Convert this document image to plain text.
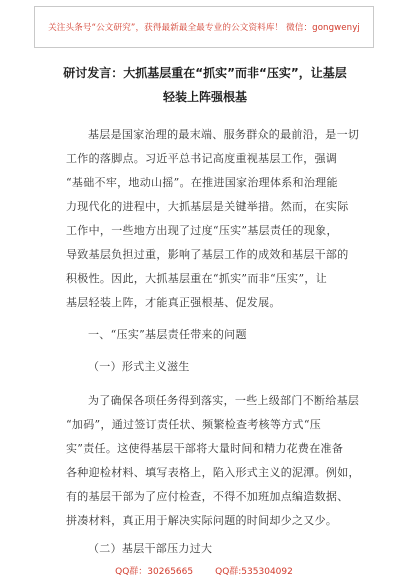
关注头条号“公文研究”，获得最新最全最专业的公文资料库！ 微信：gongwenyj
研讨发言：大抓基层重在“抓实”而非“压实”，让基层
轻装上阵强根基
基层是国家治理的最末端、服务群众的最前沿，是一切
工作的落脚点。习近平总书记高度重视基层工作，强调
“基础不牢，地动山摇”。在推进国家治理体系和治理能
力现代化的进程中，大抓基层是关键举措。然而，在实际
工作中，一些地方出现了过度“压实”基层责任的现象，
导致基层负担过重，影响了基层工作的成效和基层干部的
积极性。因此，大抓基层重在“抓实”而非“压实”，让
基层轻装上阵，才能真正强根基、促发展。
一、“压实”基层责任带来的问题
（一）形式主义滋生
为了确保各项任务得到落实，一些上级部门不断给基层
“加码”，通过签订责任状、频繁检查考核等方式“压
实”责任。这使得基层干部将大量时间和精力花费在准备
各种迎检材料、填写表格上，陷入形式主义的泥潭。例如，
有的基层干部为了应付检查，不得不加班加点编造数据、
拼凑材料，真正用于解决实际问题的时间却少之又少。
（二）基层干部压力过大
QQ群：30265665 QQ群:535304092
